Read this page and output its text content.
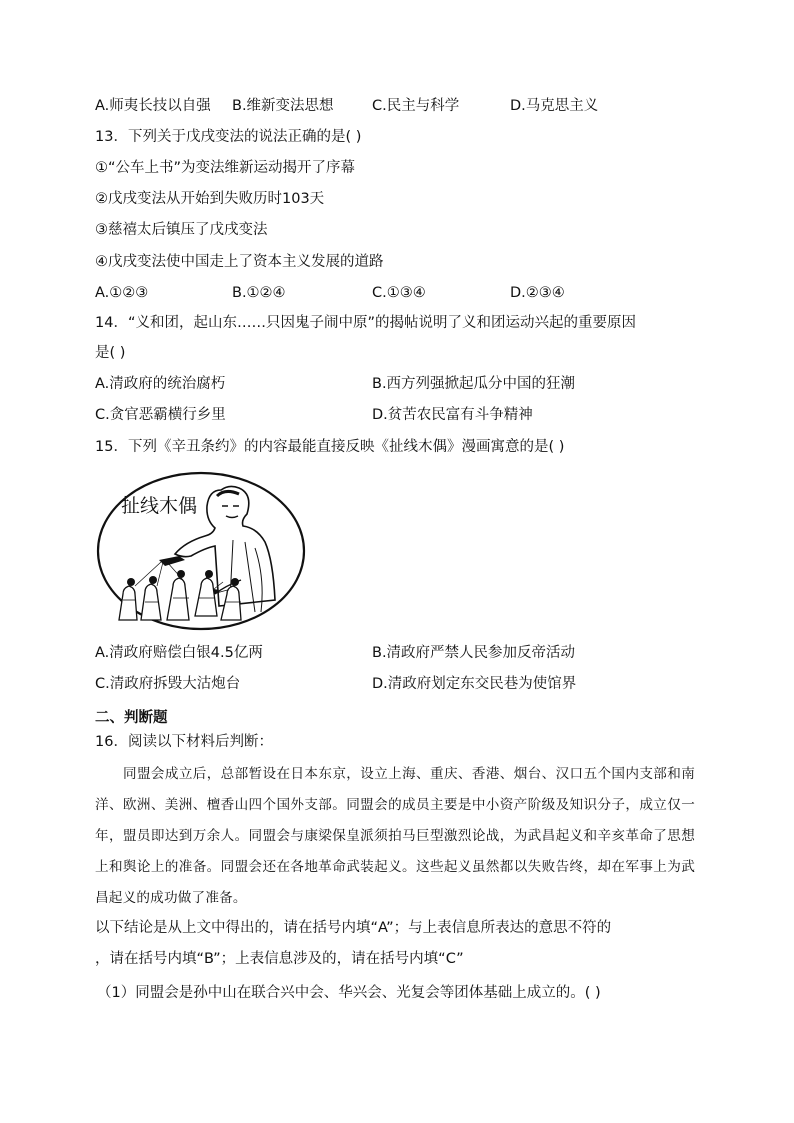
A.师夷长技以自强 B.维新变法思想	C.民主与科学	D.马克思主义
13．下列关于戊戌变法的说法正确的是( )
①“公车上书”为变法维新运动揭开了序幕
②戊戌变法从开始到失败历时103天
③慈禧太后镇压了戊戌变法
④戊戌变法使中国走上了资本主义发展的道路
A.①②③	B.①②④	C.①③④	D.②③④
14．“义和团，起山东……只因鬼子闹中原”的揭帖说明了义和团运动兴起的重要原因
是( )
A.清政府的统治腐朽	B.西方列强掀起瓜分中国的狂潮
C.贪官恶霸横行乡里	D.贫苦农民富有斗争精神
15．下列《辛丑条约》的内容最能直接反映《扯线木偶》漫画寓意的是( )
扯线木偶
A.清政府赔偿白银4.5亿两	B.清政府严禁人民参加反帝活动
C.清政府拆毁大沽炮台	D.清政府划定东交民巷为使馆界
二、判断题
16．阅读以下材料后判断：
同盟会成立后，总部暂设在日本东京，设立上海、重庆、香港、烟台、汉口五个国内支部和南洋、欧洲、美洲、檀香山四个国外支部。同盟会的成员主要是中小资产阶级及知识分子，成立仅一年，盟员即达到万余人。同盟会与康梁保皇派须拍马巨型激烈论战，为武昌起义和辛亥革命了思想上和舆论上的准备。同盟会还在各地革命武装起义。这些起义虽然都以失败告终，却在军事上为武昌起义的成功做了准备。
以下结论是从上文中得出的，请在括号内填“A”；与上表信息所表达的意思不符的
，请在括号内填“B”；上表信息涉及的，请在括号内填“C”
（1）同盟会是孙中山在联合兴中会、华兴会、光复会等团体基础上成立的。( )
